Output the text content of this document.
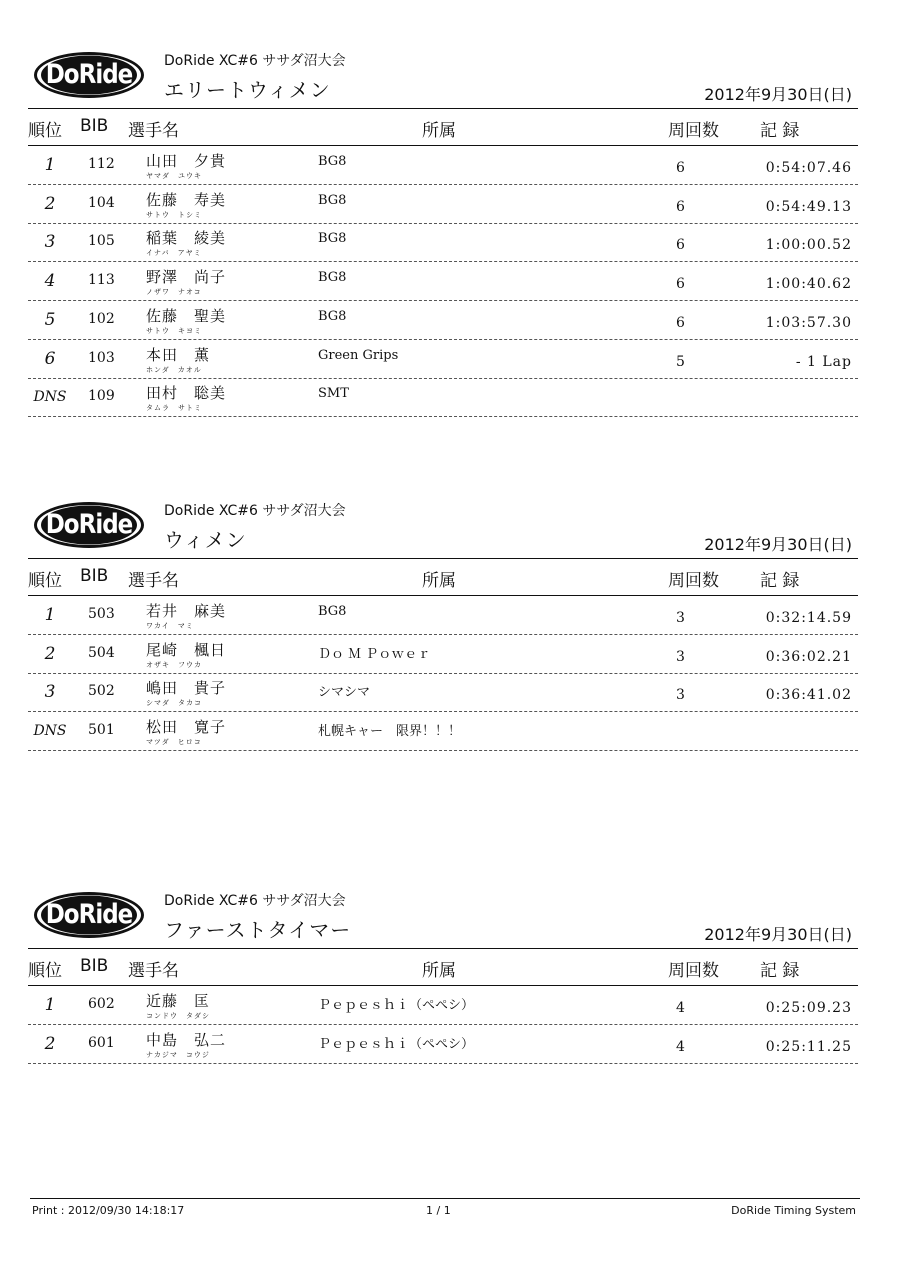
DoRide	DoRide XC#6 ササダ沼大会
エリートウィメン	2012年9月30日(日)
順位 BIB 選手名	所属	周回数 記 録
1	112 山田　夕貴
ヤマダ　ユウキ
BG8	6	0:54:07.46
2	104 佐藤　寿美
サトウ　トシミ
BG8	6	0:54:49.13
3	105 稲葉　綾美
イナバ　アヤミ
BG8	6	1:00:00.52
4	113 野澤　尚子
ノザワ　ナオコ
BG8	6	1:00:40.62
5	102 佐藤　聖美
サトウ　キヨミ
BG8	6	1:03:57.30
6	103 本田　薫
ホンダ　カオル
Green Grips	5	- 1 Lap
DNS 109 田村　聡美
タムラ　サトミ
SMT
DoRide	DoRide XC#6 ササダ沼大会
ウィメン	2012年9月30日(日)
順位 BIB 選手名	所属	周回数 記 録
1	503 若井　麻美
ワカイ　マミ
BG8	3	0:32:14.59
2	504 尾崎　楓日
オザキ　フウカ
Ｄｏ Ｍ Ｐｏｗｅｒ	3	0:36:02.21
3	502 嶋田　貴子
シマダ　タカコ
シマシマ	3	0:36:41.02
DNS 501 松田　寛子
マツダ　ヒロコ
札幌キャー　限界！！！
DoRide	DoRide XC#6 ササダ沼大会
ファーストタイマー	2012年9月30日(日)
順位 BIB 選手名	所属	周回数 記 録
1	602 近藤　匡
コンドウ　タダシ
Ｐｅｐｅｓｈｉ（ペペシ）	4	0:25:09.23
2	601 中島　弘二
ナカジマ　コウジ
Ｐｅｐｅｓｈｉ（ペペシ）	4	0:25:11.25
Print : 2012/09/30 14:18:17	1 / 1	DoRide Timing System
